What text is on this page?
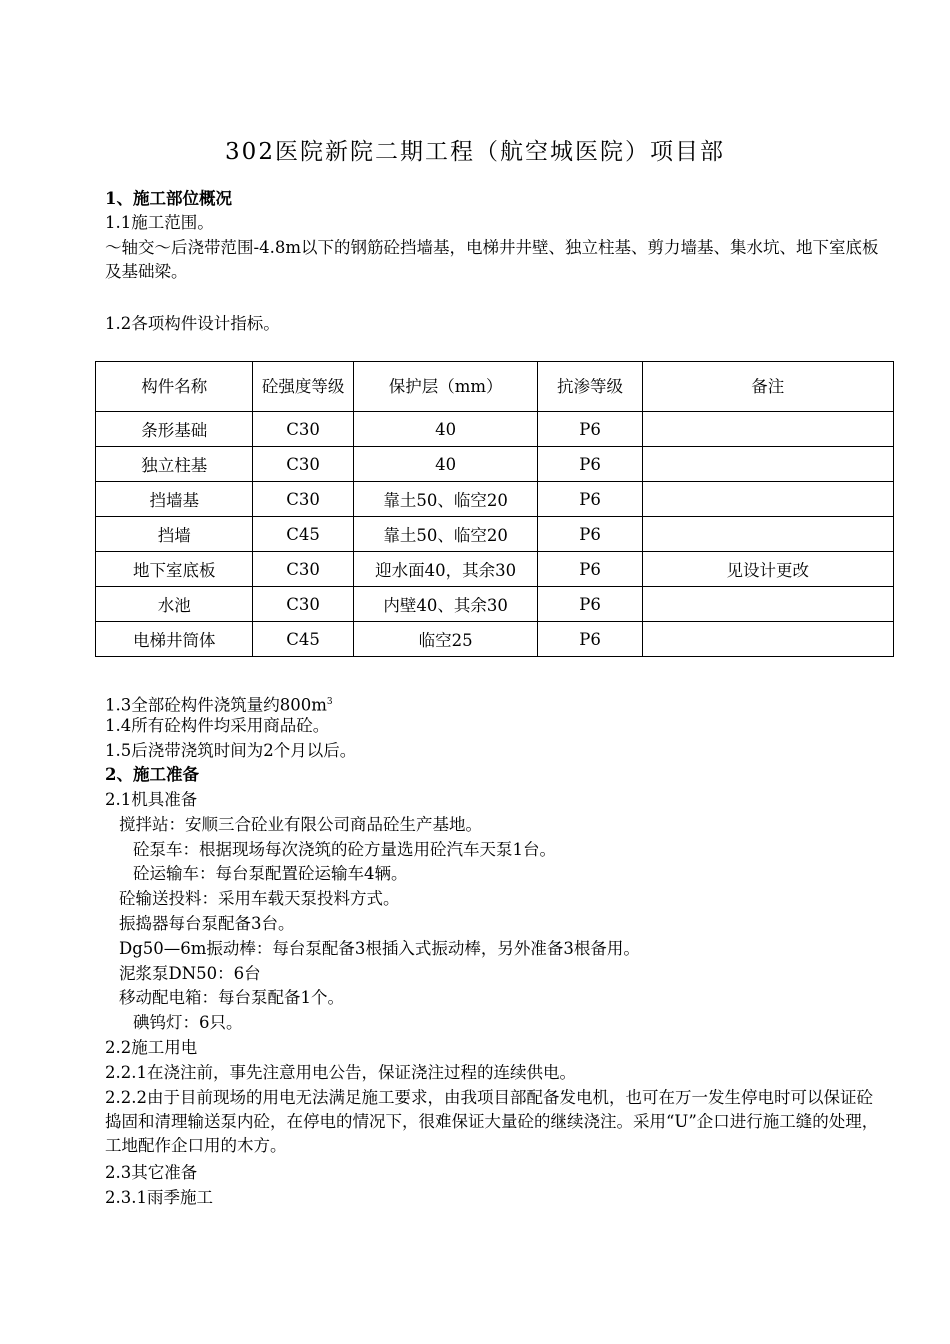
302医院新院二期工程（航空城医院）项目部
1、施工部位概况
1.1施工范围。
～轴交～后浇带范围-4.8m以下的钢筋砼挡墙基，电梯井井壁、独立柱基、剪力墙基、集水坑、地下室底板及基础梁。
1.2各项构件设计指标。
构件名称	砼强度等级	保护层（mm）	抗渗等级	备注
条形基础	C30	40	P6	
独立柱基	C30	40	P6	
挡墙基	C30	靠土50、临空20	P6	
挡墙	C45	靠土50、临空20	P6	
地下室底板	C30	迎水面40，其余30	P6	见设计更改
水池	C30	内壁40、其余30	P6	
电梯井筒体	C45	临空25	P6	
1.3全部砼构件浇筑量约$800m^3$
1.4所有砼构件均采用商品砼。
1.5后浇带浇筑时间为2个月以后。
2、施工准备
2.1机具准备
搅拌站：安顺三合砼业有限公司商品砼生产基地。
砼泵车：根据现场每次浇筑的砼方量选用砼汽车天泵1台。
砼运输车：每台泵配置砼运输车4辆。
砼输送投料：采用车载天泵投料方式。
振捣器每台泵配备3台。
Dg50—6m振动棒：每台泵配备3根插入式振动棒，另外准备3根备用。
泥浆泵DN50：6台
移动配电箱：每台泵配备1个。
碘钨灯：6只。
2.2施工用电
2.2.1在浇注前，事先注意用电公告，保证浇注过程的连续供电。
2.2.2由于目前现场的用电无法满足施工要求，由我项目部配备发电机，也可在万一发生停电时可以保证砼捣固和清理输送泵内砼，在停电的情况下，很难保证大量砼的继续浇注。采用“U”企口进行施工缝的处理，工地配作企口用的木方。
2.3其它准备
2.3.1雨季施工
